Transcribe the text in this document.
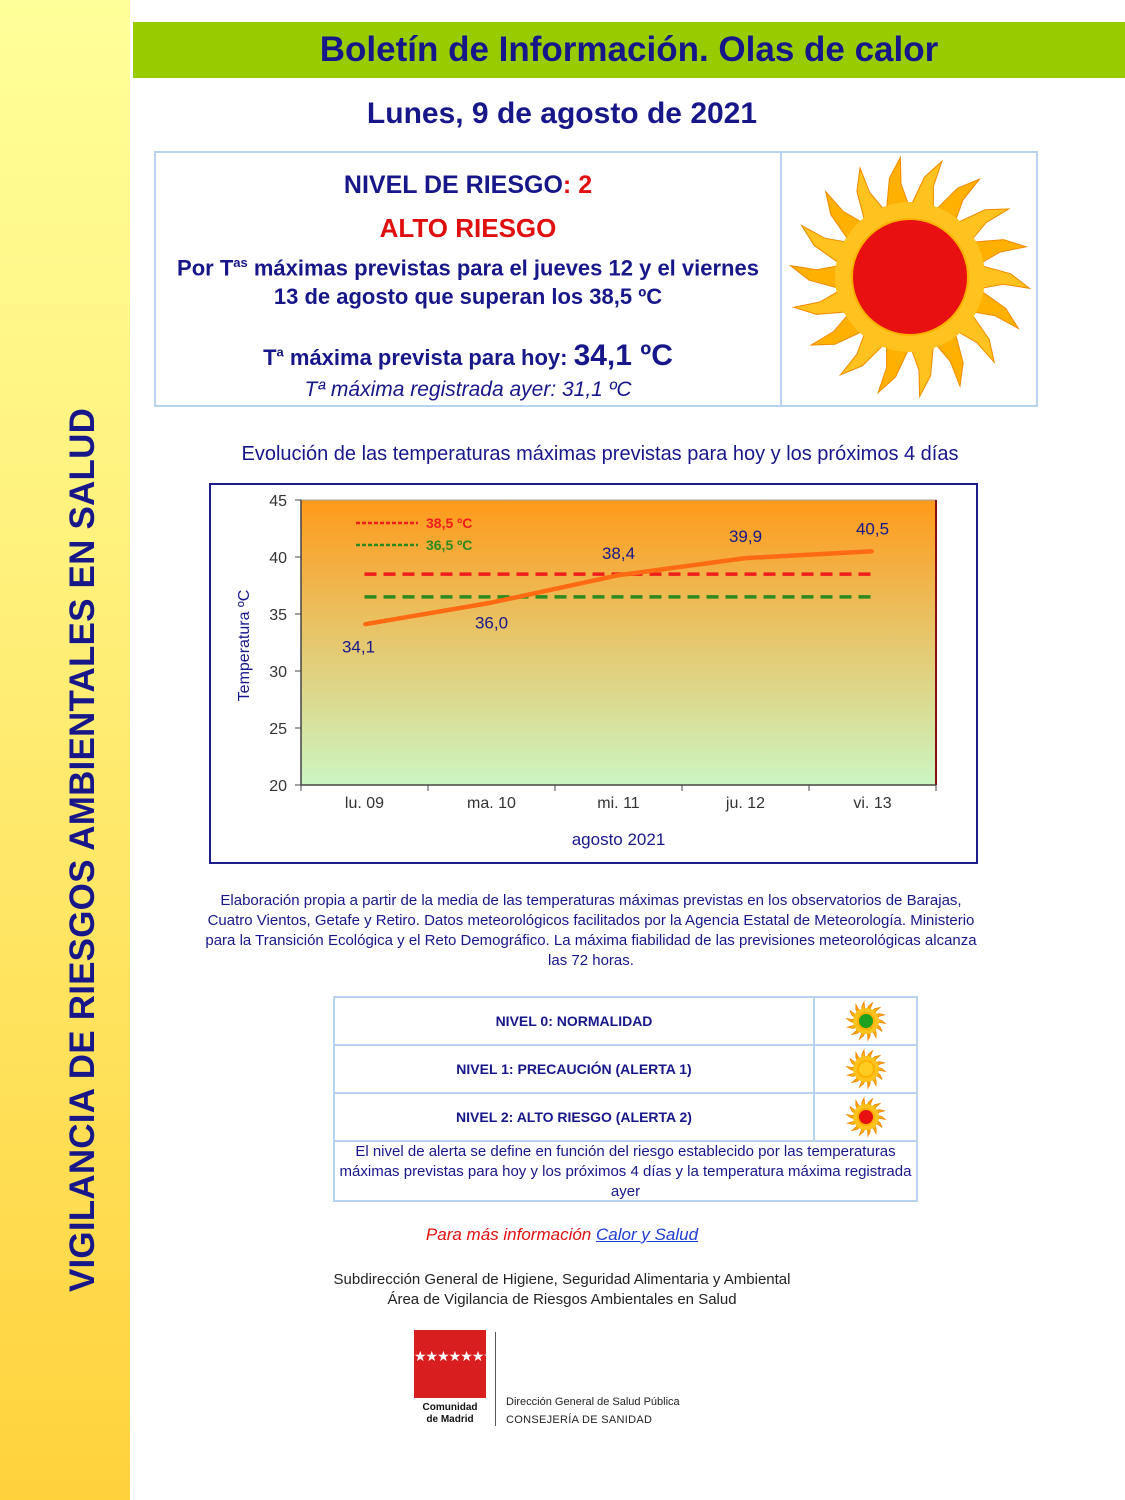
VIGILANCIA DE RIESGOS AMBIENTALES EN SALUD
Boletín de Información. Olas de calor
Lunes, 9 de agosto de 2021
NIVEL DE RIESGO: 2
ALTO RIESGO
Por $T^{as}$ máximas previstas para el jueves 12 y el viernes 13 de agosto que superan los 38,5 ºC
$T^a$ máxima prevista para hoy: 34,1 ºC
Tª máxima registrada ayer: 31,1 ºC
Evolución de las temperaturas máximas previstas para hoy y los próximos 4 días
20
25
30
35
40
45
lu. 09	ma. 10	mi. 11	ju. 12	vi. 13
agosto 2021
Temperatura ºC
38,5 ºC
36,5 ºC
34,1
36,0
38,4
39,9	40,5
Elaboración propia a partir de la media de las temperaturas máximas previstas en los observatorios de Barajas, Cuatro Vientos, Getafe y Retiro. Datos meteorológicos facilitados por la Agencia Estatal de Meteorología. Ministerio para la Transición Ecológica y el Reto Demográfico. La máxima fiabilidad de las previsiones meteorológicas alcanza las 72 horas.
NIVEL 0: NORMALIDAD
NIVEL 1: PRECAUCIÓN (ALERTA 1)
NIVEL 2: ALTO RIESGO (ALERTA 2)
El nivel de alerta se define en función del riesgo establecido por las temperaturas máximas previstas para hoy y los próximos 4 días y la temperatura máxima registrada ayer
Para más información Calor y Salud
Subdirección General de Higiene, Seguridad Alimentaria y Ambiental
Área de Vigilancia de Riesgos Ambientales en Salud
★★★★★★★
Comunidad
de Madrid
Dirección General de Salud Pública
CONSEJERÍA DE SANIDAD
